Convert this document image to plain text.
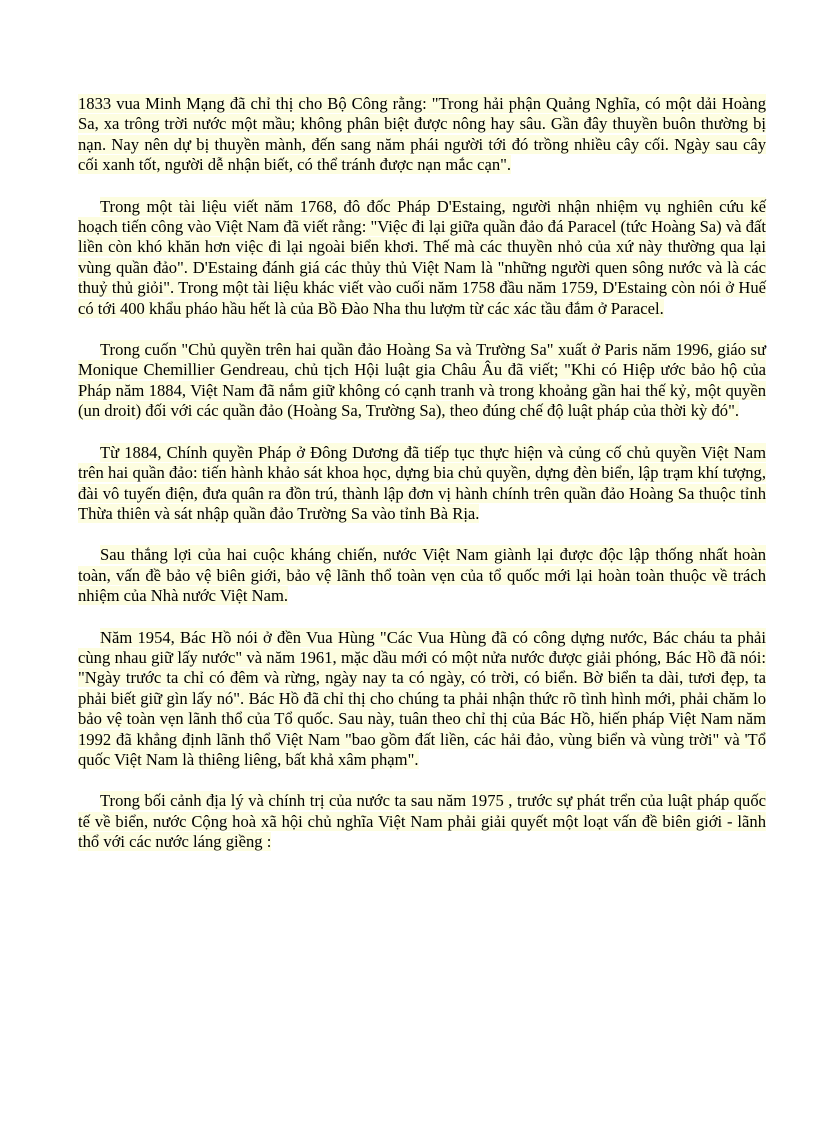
1833 vua Minh Mạng đã chỉ thị cho Bộ Công rằng: "Trong hải phận Quảng Nghĩa, có một dải Hoàng Sa, xa trông trời nước một mầu; không phân biệt được nông hay sâu. Gần đây thuyền buôn thường bị nạn. Nay nên dự bị thuyền mành, đến sang năm phái người tới đó trồng nhiều cây cối. Ngày sau cây cối xanh tốt, người dễ nhận biết, có thể tránh được nạn mắc cạn".

Trong một tài liệu viết năm 1768, đô đốc Pháp D'Estaing, người nhận nhiệm vụ nghiên cứu kế hoạch tiến công vào Việt Nam đã viết rằng: "Việc đi lại giữa quần đảo đá Paracel (tức Hoàng Sa) và đất liền còn khó khăn hơn việc đi lại ngoài biển khơi. Thế mà các thuyền nhỏ của xứ này thường qua lại vùng quần đảo". D'Estaing đánh giá các thủy thủ Việt Nam là "những người quen sông nước và là các thuỷ thủ giỏi". Trong một tài liệu khác viết vào cuối năm 1758 đầu năm 1759, D'Estaing còn nói ở Huế có tới 400 khẩu pháo hầu hết là của Bồ Đào Nha thu lượm từ các xác tầu đắm ở Paracel.

Trong cuốn "Chủ quyền trên hai quần đảo Hoàng Sa và Trường Sa" xuất ở Paris năm 1996, giáo sư Monique Chemillier Gendreau, chủ tịch Hội luật gia Châu Âu đã viết; "Khi có Hiệp ước bảo hộ của Pháp năm 1884, Việt Nam đã nắm giữ không có cạnh tranh và trong khoảng gần hai thế kỷ, một quyền (un droit) đối với các quần đảo (Hoàng Sa, Trường Sa), theo đúng chế độ luật pháp của thời kỳ đó".

Từ 1884, Chính quyền Pháp ở Đông Dương đã tiếp tục thực hiện và củng cố chủ quyền Việt Nam trên hai quần đảo: tiến hành khảo sát khoa học, dựng bia chủ quyền, dựng đèn biển, lập trạm khí tượng, đài vô tuyến điện, đưa quân ra đồn trú, thành lập đơn vị hành chính trên quần đảo Hoàng Sa thuộc tỉnh Thừa thiên và sát nhập quần đảo Trường Sa vào tỉnh Bà Rịa.

Sau thắng lợi của hai cuộc kháng chiến, nước Việt Nam giành lại được độc lập thống nhất hoàn toàn, vấn đề bảo vệ biên giới, bảo vệ lãnh thổ toàn vẹn của tổ quốc mới lại hoàn toàn thuộc về trách nhiệm của Nhà nước Việt Nam.

Năm 1954, Bác Hồ nói ở đền Vua Hùng "Các Vua Hùng đã có công dựng nước, Bác cháu ta phải cùng nhau giữ lấy nước" và năm 1961, mặc dầu mới có một nửa nước được giải phóng, Bác Hồ đã nói: "Ngày trước ta chỉ có đêm và rừng, ngày nay ta có ngày, có trời, có biển. Bờ biển ta dài, tươi đẹp, ta phải biết giữ gìn lấy nó". Bác Hồ đã chỉ thị cho chúng ta phải nhận thức rõ tình hình mới, phải chăm lo bảo vệ toàn vẹn lãnh thổ của Tổ quốc. Sau này, tuân theo chỉ thị của Bác Hồ, hiến pháp Việt Nam năm 1992 đã khẳng định lãnh thổ Việt Nam "bao gồm đất liền, các hải đảo, vùng biển và vùng trời" và 'Tổ quốc Việt Nam là thiêng liêng, bất khả xâm phạm".

Trong bối cảnh địa lý và chính trị của nước ta sau năm 1975 , trước sự phát trển của luật pháp quốc tế về biển, nước Cộng hoà xã hội chủ nghĩa Việt Nam phải giải quyết một loạt vấn đề biên giới - lãnh thổ với các nước láng giềng :
